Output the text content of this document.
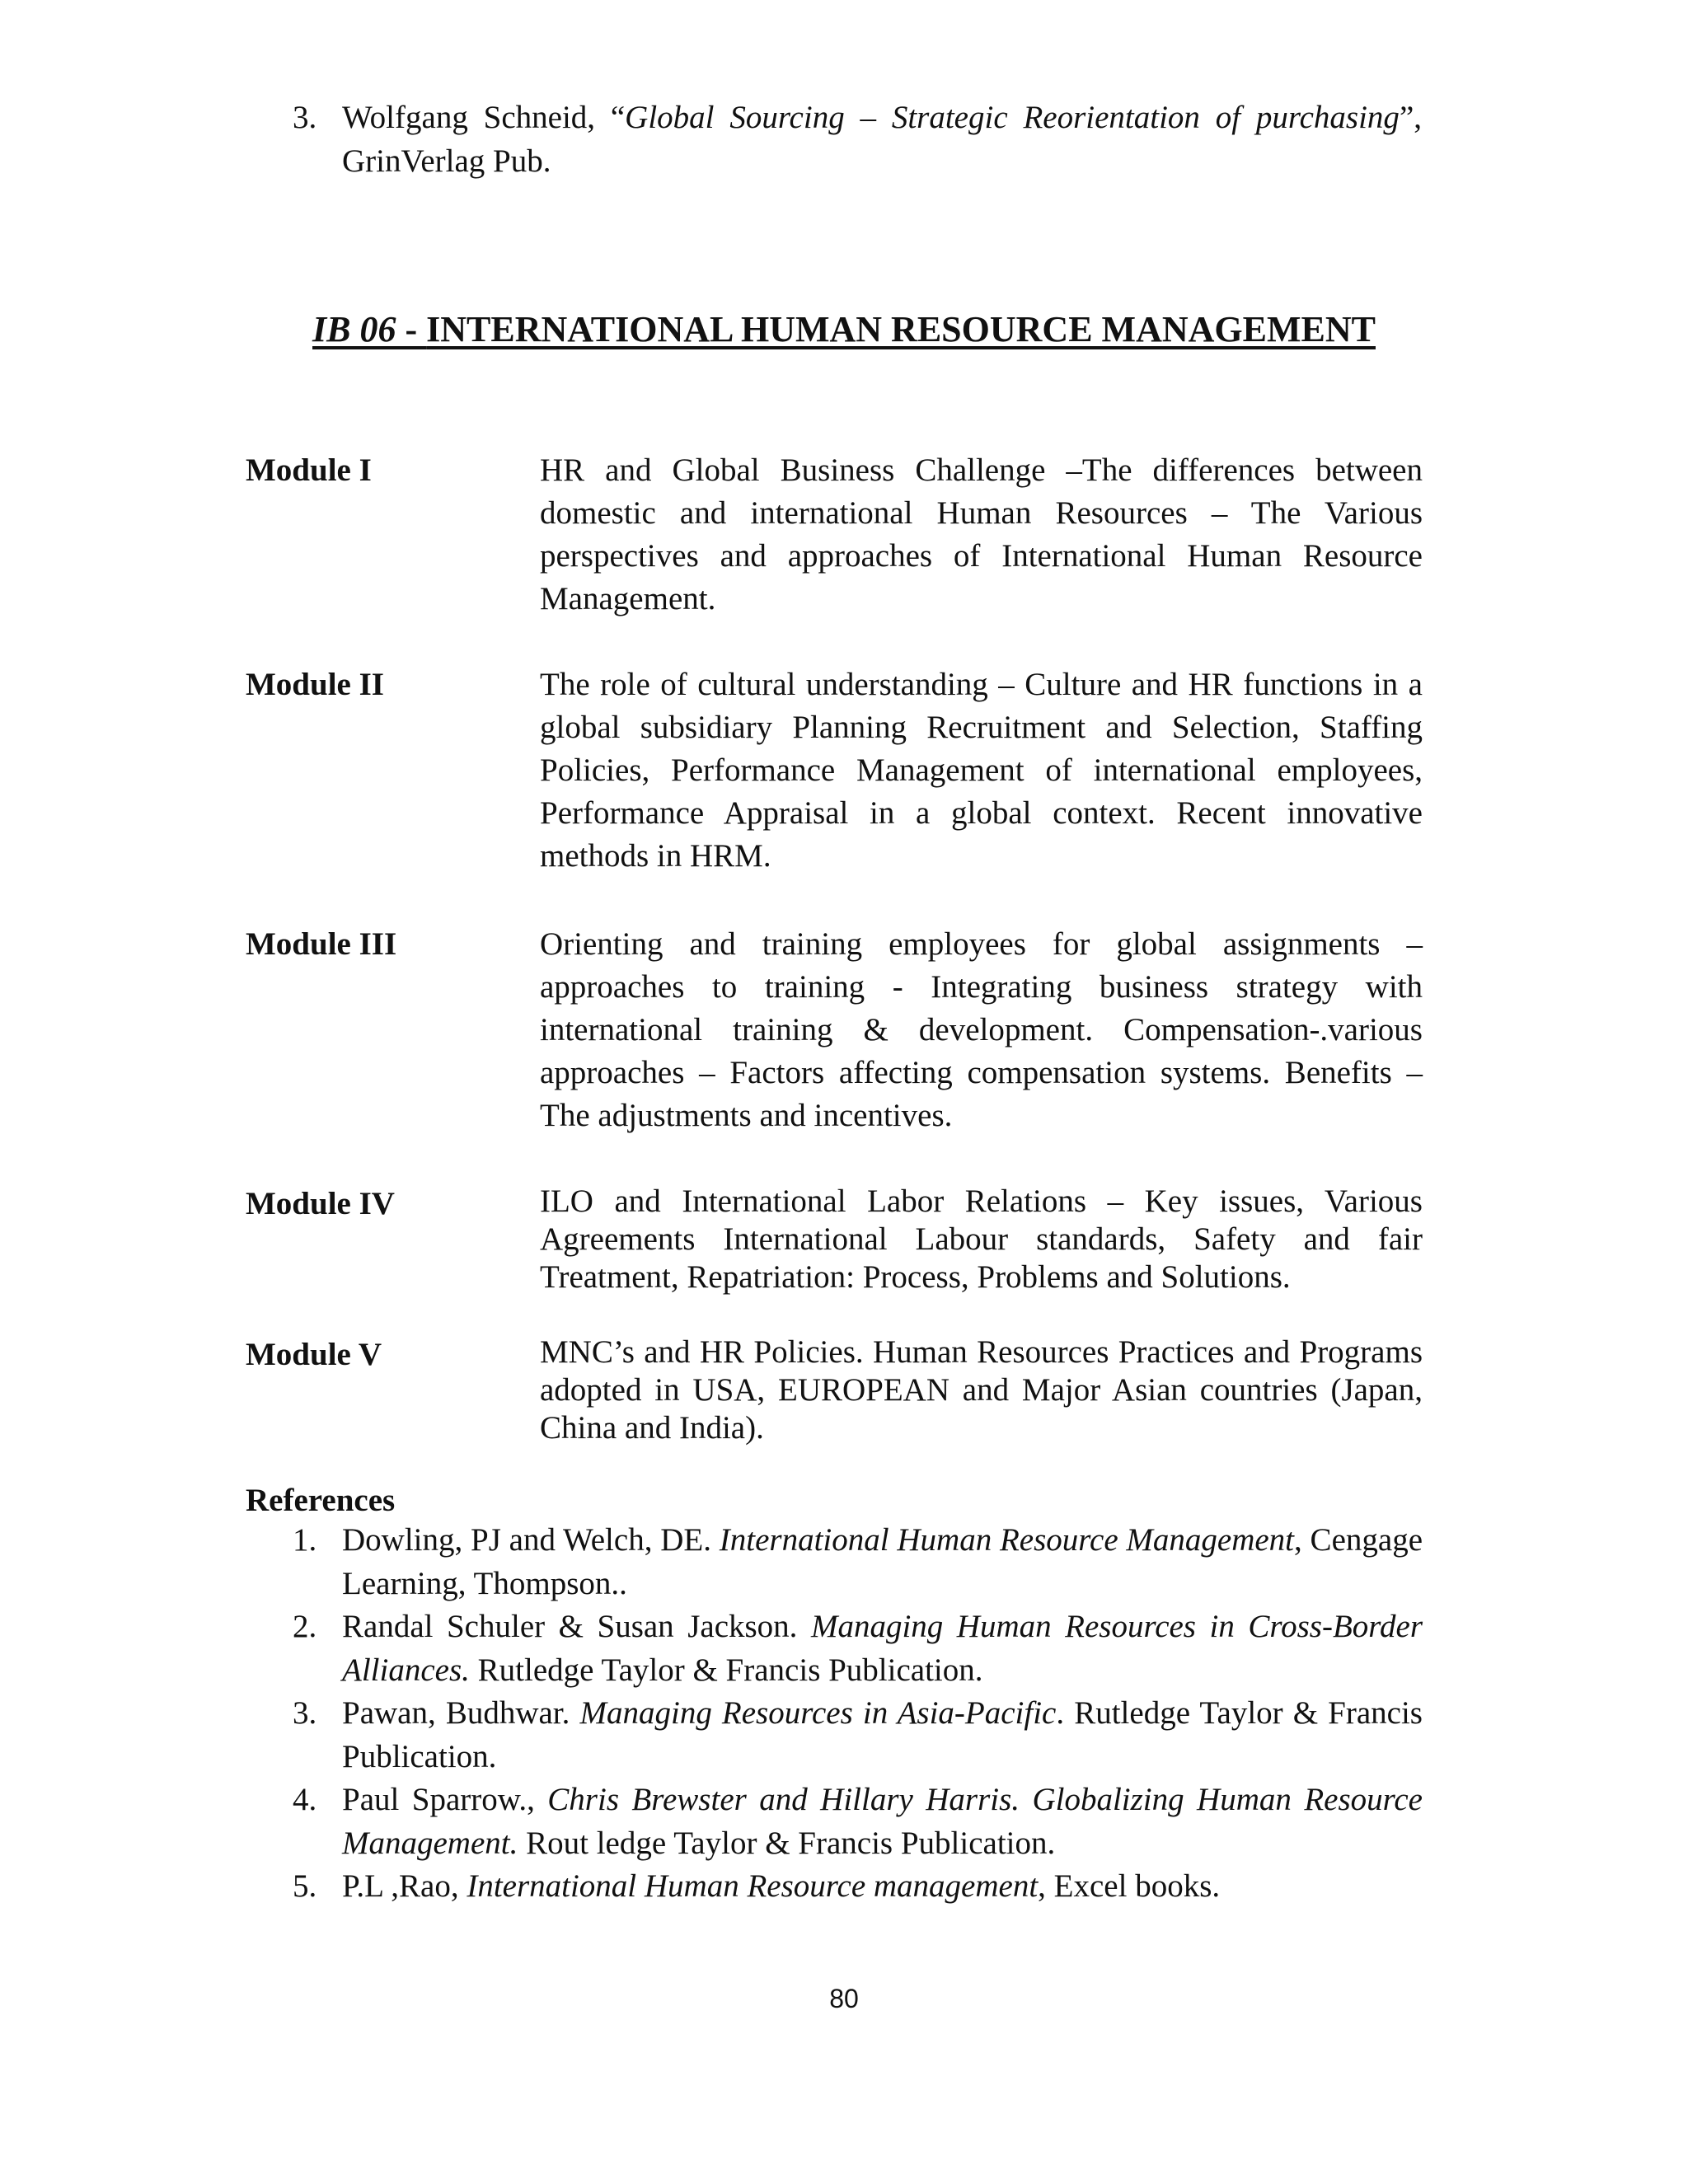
3. Wolfgang Schneid, “Global Sourcing – Strategic Reorientation of purchasing”, GrinVerlag Pub.
IB 06 - INTERNATIONAL HUMAN RESOURCE MANAGEMENT
Module I	HR and Global Business Challenge –The differences between domestic and international Human Resources – The Various perspectives and approaches of International Human Resource Management.
Module II	The role of cultural understanding – Culture and HR functions in a global subsidiary Planning Recruitment and Selection, Staffing Policies, Performance Management of international employees, Performance Appraisal in a global context. Recent innovative methods in HRM.
Module III	Orienting and training employees for global assignments – approaches to training - Integrating business strategy with international training & development. Compensation-.various approaches – Factors affecting compensation systems. Benefits – The adjustments and incentives.
Module IV	ILO and International Labor Relations – Key issues, Various Agreements International Labour standards, Safety and fair Treatment, Repatriation: Process, Problems and Solutions.
Module V	MNC’s and HR Policies. Human Resources Practices and Programs adopted in USA, EUROPEAN and Major Asian countries (Japan, China and India).
References
1. Dowling, PJ and Welch, DE. International Human Resource Management, Cengage Learning, Thompson..
2. Randal Schuler & Susan Jackson. Managing Human Resources in Cross-Border Alliances. Rutledge Taylor & Francis Publication.
3. Pawan, Budhwar. Managing Resources in Asia-Pacific. Rutledge Taylor & Francis Publication.
4. Paul Sparrow., Chris Brewster and Hillary Harris. Globalizing Human Resource Management. Rout ledge Taylor & Francis Publication.
5. P.L ,Rao, International Human Resource management, Excel books.
80
